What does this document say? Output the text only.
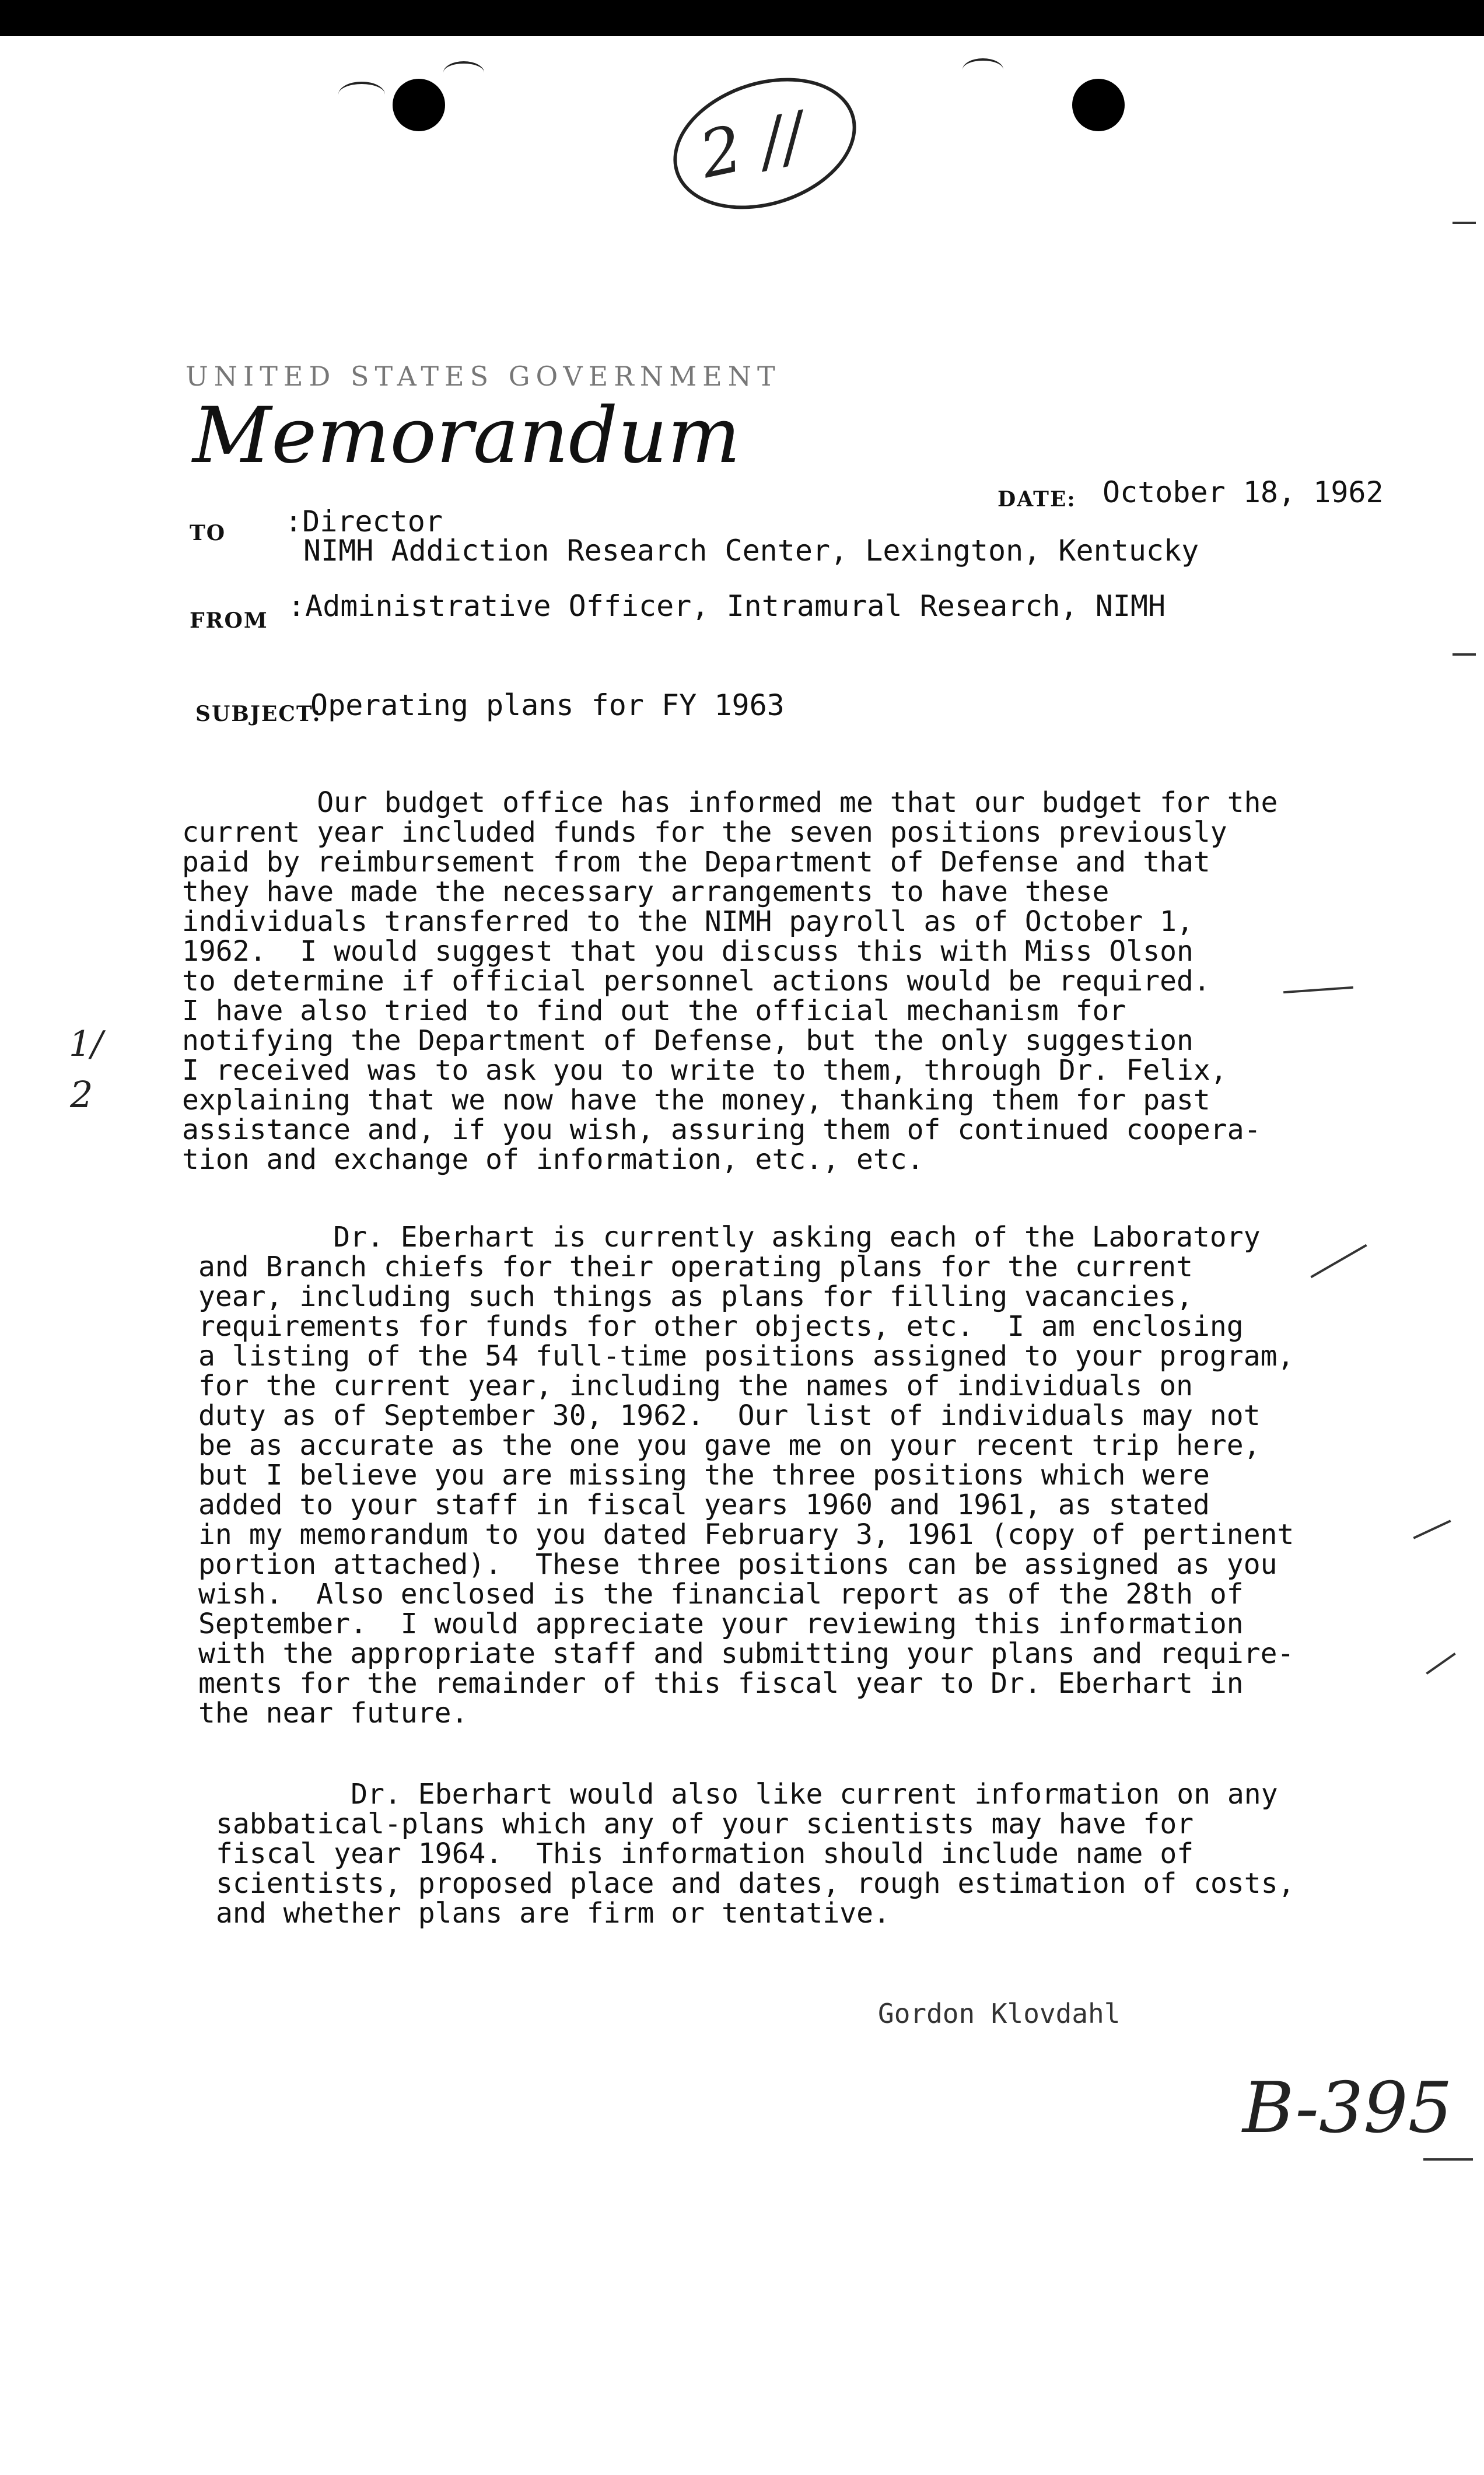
2 //
UNITED STATES GOVERNMENT
Memorandum
DATE: October 18, 1962
TO :Director
NIMH Addiction Research Center, Lexington, Kentucky
FROM :Administrative Officer, Intramural Research, NIMH
SUBJECT:
Operating plans for FY 1963

Our budget office has informed me that our budget for the
current year included funds for the seven positions previously
paid by reimbursement from the Department of Defense and that
they have made the necessary arrangements to have these
individuals transferred to the NIMH payroll as of October 1,
1962.  I would suggest that you discuss this with Miss Olson
to determine if official personnel actions would be required.
I have also tried to find out the official mechanism for
notifying the Department of Defense, but the only suggestion
I received was to ask you to write to them, through Dr. Felix,
explaining that we now have the money, thanking them for past
assistance and, if you wish, assuring them of continued coopera-
tion and exchange of information, etc., etc.

Dr. Eberhart is currently asking each of the Laboratory
and Branch chiefs for their operating plans for the current
year, including such things as plans for filling vacancies,
requirements for funds for other objects, etc.  I am enclosing
a listing of the 54 full-time positions assigned to your program,
for the current year, including the names of individuals on
duty as of September 30, 1962.  Our list of individuals may not
be as accurate as the one you gave me on your recent trip here,
but I believe you are missing the three positions which were
added to your staff in fiscal years 1960 and 1961, as stated
in my memorandum to you dated February 3, 1961 (copy of pertinent
portion attached).  These three positions can be assigned as you
wish.  Also enclosed is the financial report as of the 28th of
September.  I would appreciate your reviewing this information
with the appropriate staff and submitting your plans and require-
ments for the remainder of this fiscal year to Dr. Eberhart in
the near future.

Dr. Eberhart would also like current information on any
sabbatical-plans which any of your scientists may have for
fiscal year 1964.  This information should include name of
scientists, proposed place and dates, rough estimation of costs,
and whether plans are firm or tentative.

Gordon Klovdahl
B-395
1/
2
